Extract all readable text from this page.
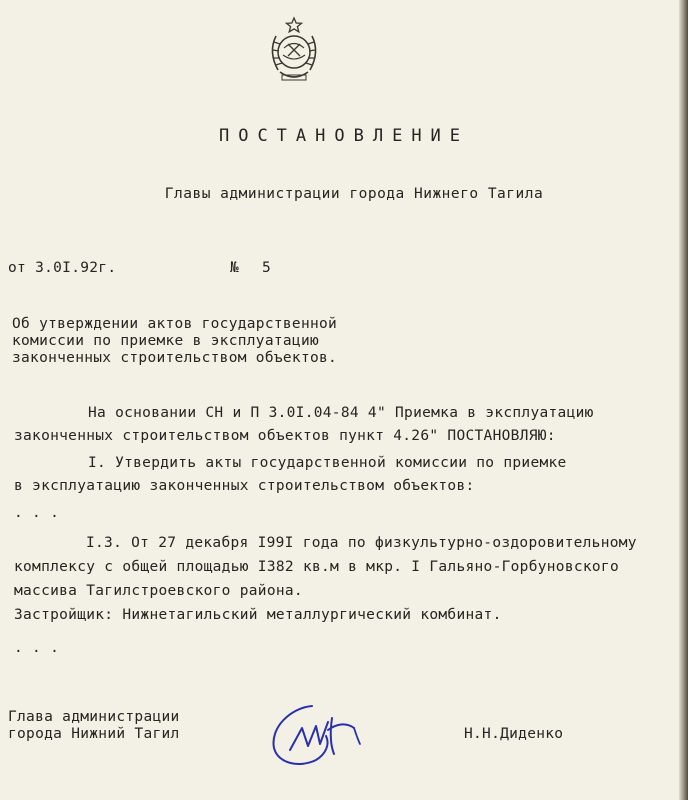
ПОСТАНОВЛЕНИЕ
Главы администрации города Нижнего Тагила
от 3.0I.92г.	№ 5
Об утверждении актов государственной
комиссии по приемке в эксплуатацию
законченных строительством объектов.
На основании СН и П 3.0I.04-84 4" Приемка в эксплуатацию
законченных строительством объектов пункт 4.26" ПОСТАНОВЛЯЮ:
I. Утвердить акты государственной комиссии по приемке
в эксплуатацию законченных строительством объектов:
. . .
I.3. От 27 декабря I99I года по физкультурно-оздоровительному
комплексу с общей площадью I382 кв.м в мкр. I Гальяно-Горбуновского
массива Тагилстроевского района.
Застройщик: Нижнетагильский металлургический комбинат.
. . .
Глава администрации
города Нижний Тагил	Н.Н.Диденко
